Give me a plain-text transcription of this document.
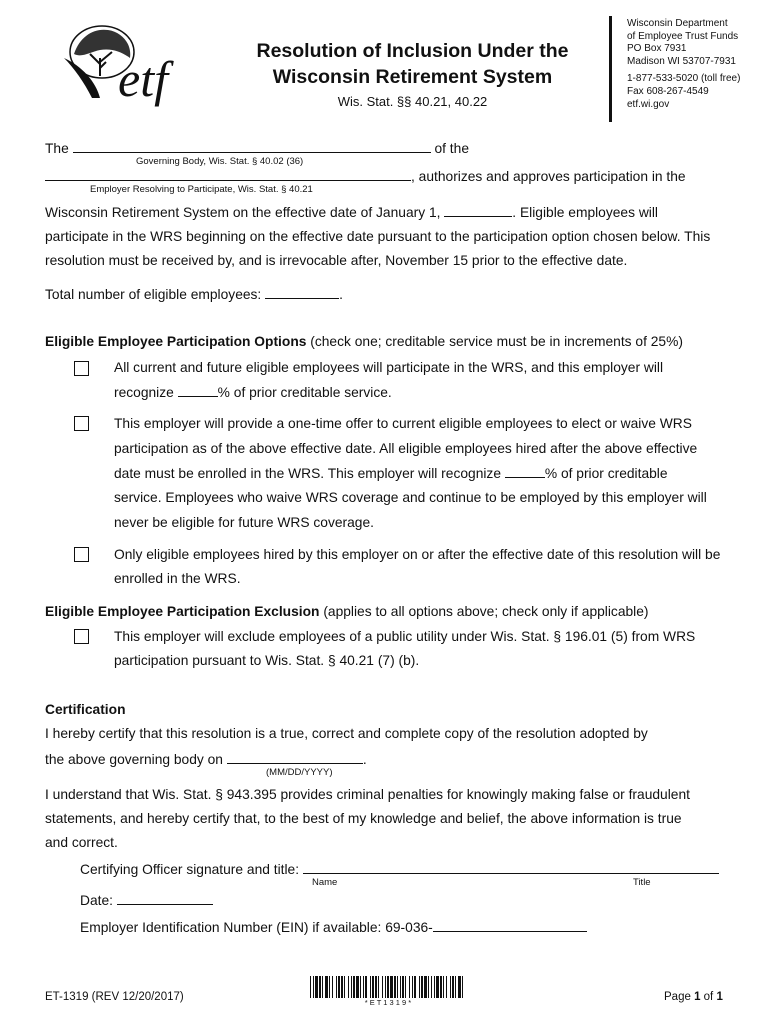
etf	Resolution of Inclusion Under the
Wisconsin Retirement System
Wis. Stat. §§ 40.21, 40.22
Wisconsin Department
of Employee Trust Funds
PO Box 7931
Madison WI 53707-7931
1-877-533-5020 (toll free)
Fax 608-267-4549
etf.wi.gov
The	of the
Governing Body, Wis. Stat. § 40.02 (36)
, authorizes and approves participation in the
Employer Resolving to Participate, Wis. Stat. § 40.21
Wisconsin Retirement System on the effective date of January 1,	. Eligible employees will
participate in the WRS beginning on the effective date pursuant to the participation option chosen below. This
resolution must be received by, and is irrevocable after, November 15 prior to the effective date.
Total number of eligible employees:	.
Eligible Employee Participation Options (check one; creditable service must be in increments of 25%)
All current and future eligible employees will participate in the WRS, and this employer will
recognize	% of prior creditable service.
This employer will provide a one-time offer to current eligible employees to elect or waive WRS
participation as of the above effective date. All eligible employees hired after the above effective
date must be enrolled in the WRS. This employer will recognize	% of prior creditable
service. Employees who waive WRS coverage and continue to be employed by this employer will
never be eligible for future WRS coverage.
Only eligible employees hired by this employer on or after the effective date of this resolution will be
enrolled in the WRS.
Eligible Employee Participation Exclusion (applies to all options above; check only if applicable)
This employer will exclude employees of a public utility under Wis. Stat. § 196.01 (5) from WRS
participation pursuant to Wis. Stat. § 40.21 (7) (b).
Certification
I hereby certify that this resolution is a true, correct and complete copy of the resolution adopted by
the above governing body on	.
(MM/DD/YYYY)
I understand that Wis. Stat. § 943.395 provides criminal penalties for knowingly making false or fraudulent
statements, and hereby certify that, to the best of my knowledge and belief, the above information is true
and correct.
Certifying Officer signature and title:
Name	Title
Date:
Employer Identification Number (EIN) if available: 69-036-
ET-1319 (REV 12/20/2017)	* E T 1 3 1 9 *	Page 1 of 1
